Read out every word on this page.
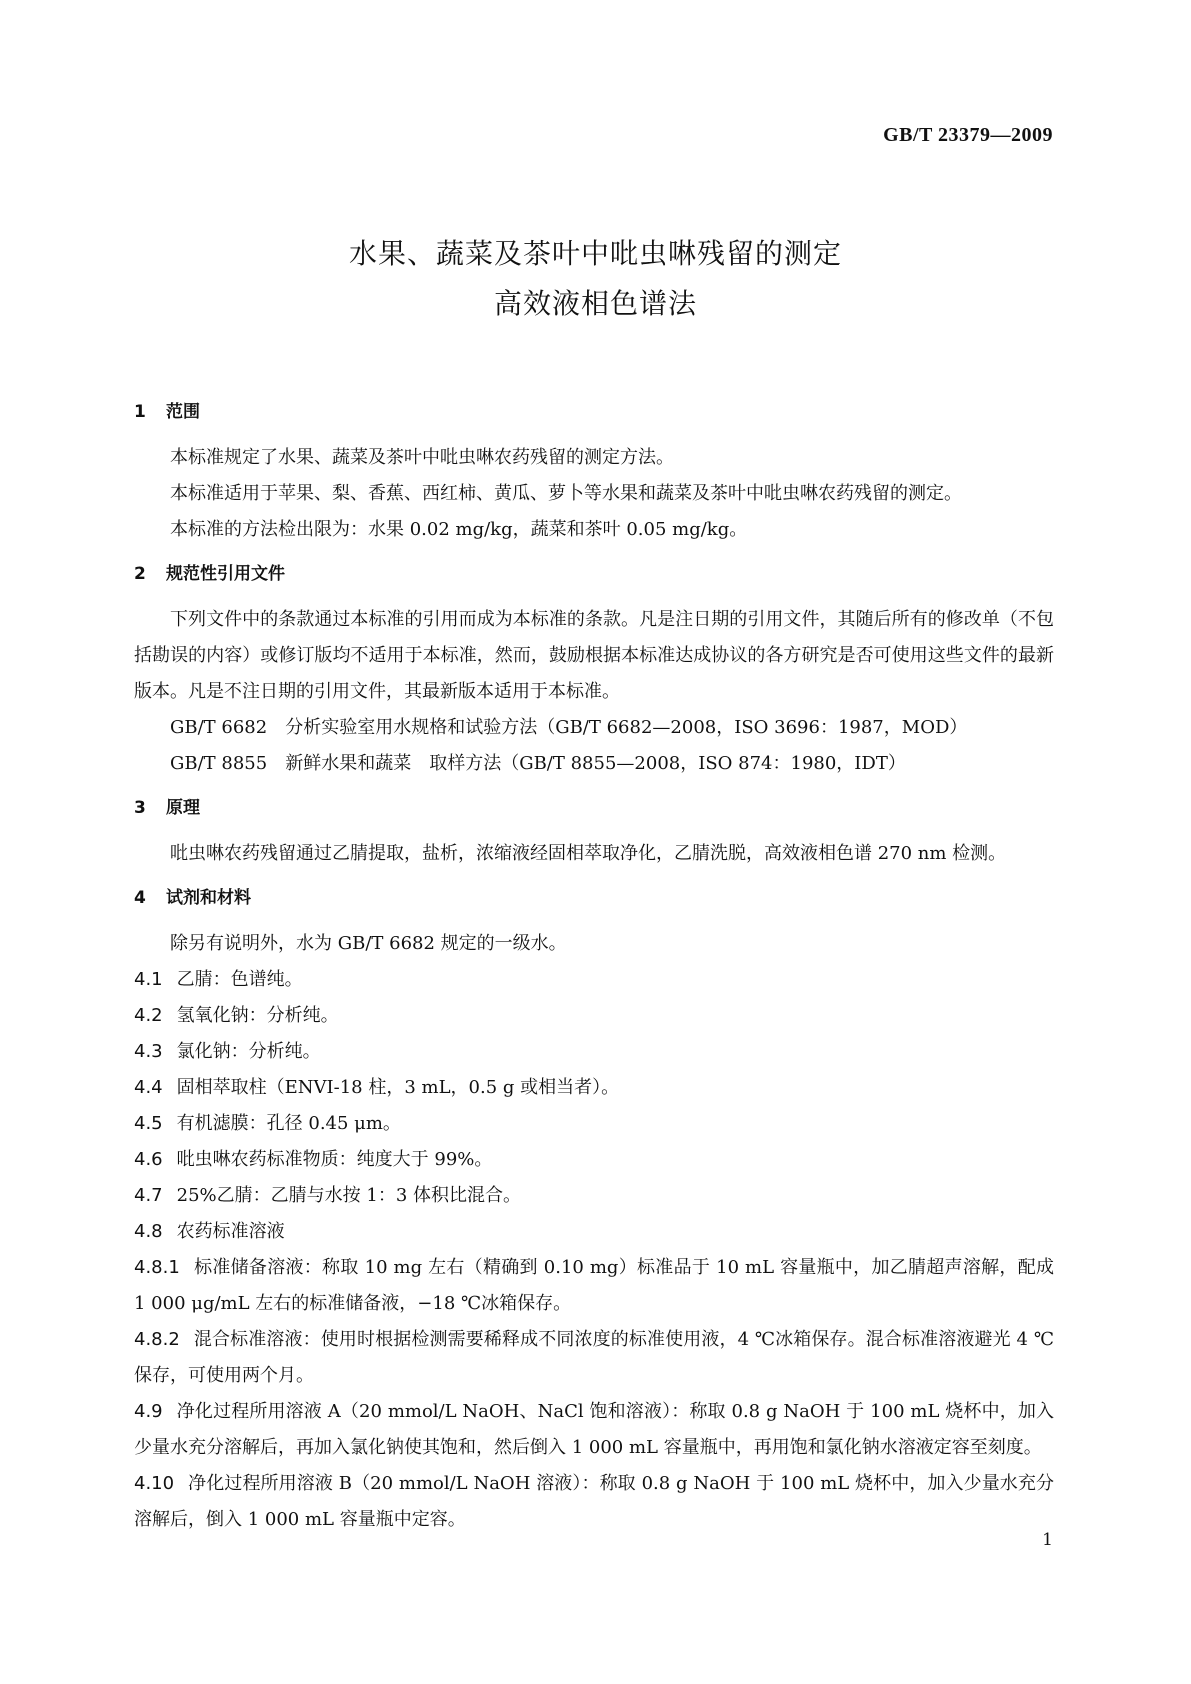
GB/T 23379—2009
水果、蔬菜及茶叶中吡虫啉残留的测定
高效液相色谱法
1	范围

本标准规定了水果、蔬菜及茶叶中吡虫啉农药残留的测定方法。

本标准适用于苹果、梨、香蕉、西红柿、黄瓜、萝卜等水果和蔬菜及茶叶中吡虫啉农药残留的测定。

本标准的方法检出限为：水果 0.02 mg/kg，蔬菜和茶叶 0.05 mg/kg。

2	规范性引用文件

下列文件中的条款通过本标准的引用而成为本标准的条款。凡是注日期的引用文件，其随后所有的修改单（不包括勘误的内容）或修订版均不适用于本标准，然而，鼓励根据本标准达成协议的各方研究是否可使用这些文件的最新版本。凡是不注日期的引用文件，其最新版本适用于本标准。

GB/T 6682　分析实验室用水规格和试验方法（GB/T 6682—2008，ISO 3696：1987，MOD）

GB/T 8855　新鲜水果和蔬菜　取样方法（GB/T 8855—2008，ISO 874：1980，IDT）

3	原理

吡虫啉农药残留通过乙腈提取，盐析，浓缩液经固相萃取净化，乙腈洗脱，高效液相色谱 270 nm 检测。

4	试剂和材料

除另有说明外，水为 GB/T 6682 规定的一级水。

4.1 乙腈：色谱纯。

4.2 氢氧化钠：分析纯。

4.3 氯化钠：分析纯。

4.4 固相萃取柱（ENVI-18 柱，3 mL，0.5 g 或相当者）。

4.5 有机滤膜：孔径 0.45 μm。

4.6 吡虫啉农药标准物质：纯度大于 99%。

4.7 25%乙腈：乙腈与水按 1：3 体积比混合。

4.8 农药标准溶液

4.8.1 标准储备溶液：称取 10 mg 左右（精确到 0.10 mg）标准品于 10 mL 容量瓶中，加乙腈超声溶解，配成 1 000 μg/mL 左右的标准储备液，−18 ℃冰箱保存。

4.8.2 混合标准溶液：使用时根据检测需要稀释成不同浓度的标准使用液，4 ℃冰箱保存。混合标准溶液避光 4 ℃保存，可使用两个月。

4.9 净化过程所用溶液 A（20 mmol/L NaOH、NaCl 饱和溶液）：称取 0.8 g NaOH 于 100 mL 烧杯中，加入少量水充分溶解后，再加入氯化钠使其饱和，然后倒入 1 000 mL 容量瓶中，再用饱和氯化钠水溶液定容至刻度。

4.10 净化过程所用溶液 B（20 mmol/L NaOH 溶液）：称取 0.8 g NaOH 于 100 mL 烧杯中，加入少量水充分溶解后，倒入 1 000 mL 容量瓶中定容。

1
